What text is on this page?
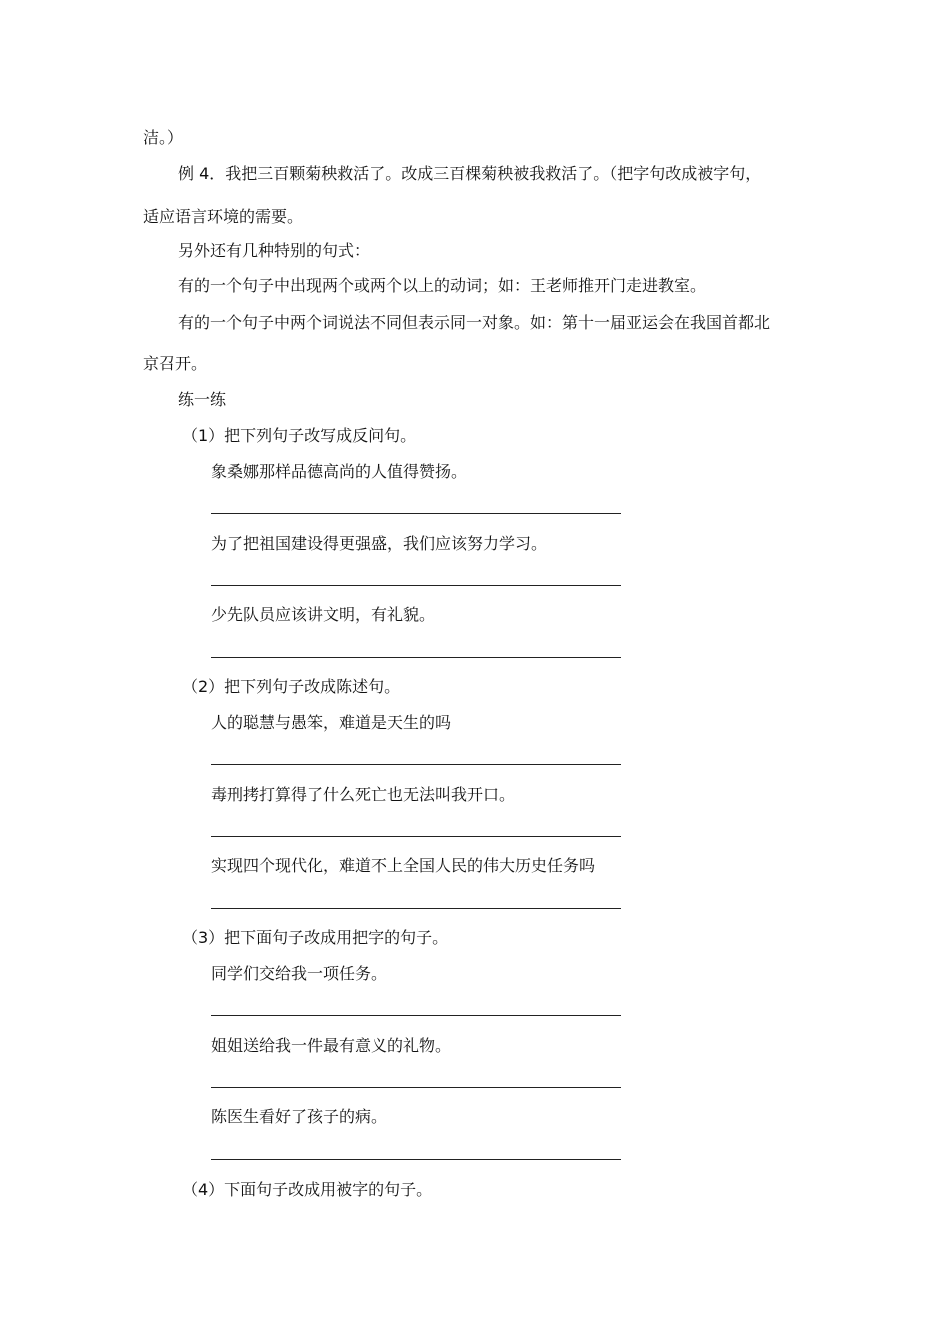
洁。）
例 4．我把三百颗菊秧救活了。改成三百棵菊秧被我救活了。（把字句改成被字句，
适应语言环境的需要。
另外还有几种特别的句式：
有的一个句子中出现两个或两个以上的动词；如：王老师推开门走进教室。
有的一个句子中两个词说法不同但表示同一对象。如：第十一届亚运会在我国首都北
京召开。
练一练
（1）把下列句子改写成反问句。
象桑娜那样品德高尚的人值得赞扬。
为了把祖国建设得更强盛，我们应该努力学习。
少先队员应该讲文明，有礼貌。
（2）把下列句子改成陈述句。
人的聪慧与愚笨，难道是天生的吗
毒刑拷打算得了什么死亡也无法叫我开口。
实现四个现代化，难道不上全国人民的伟大历史任务吗
（3）把下面句子改成用把字的句子。
同学们交给我一项任务。
姐姐送给我一件最有意义的礼物。
陈医生看好了孩子的病。
（4）下面句子改成用被字的句子。
